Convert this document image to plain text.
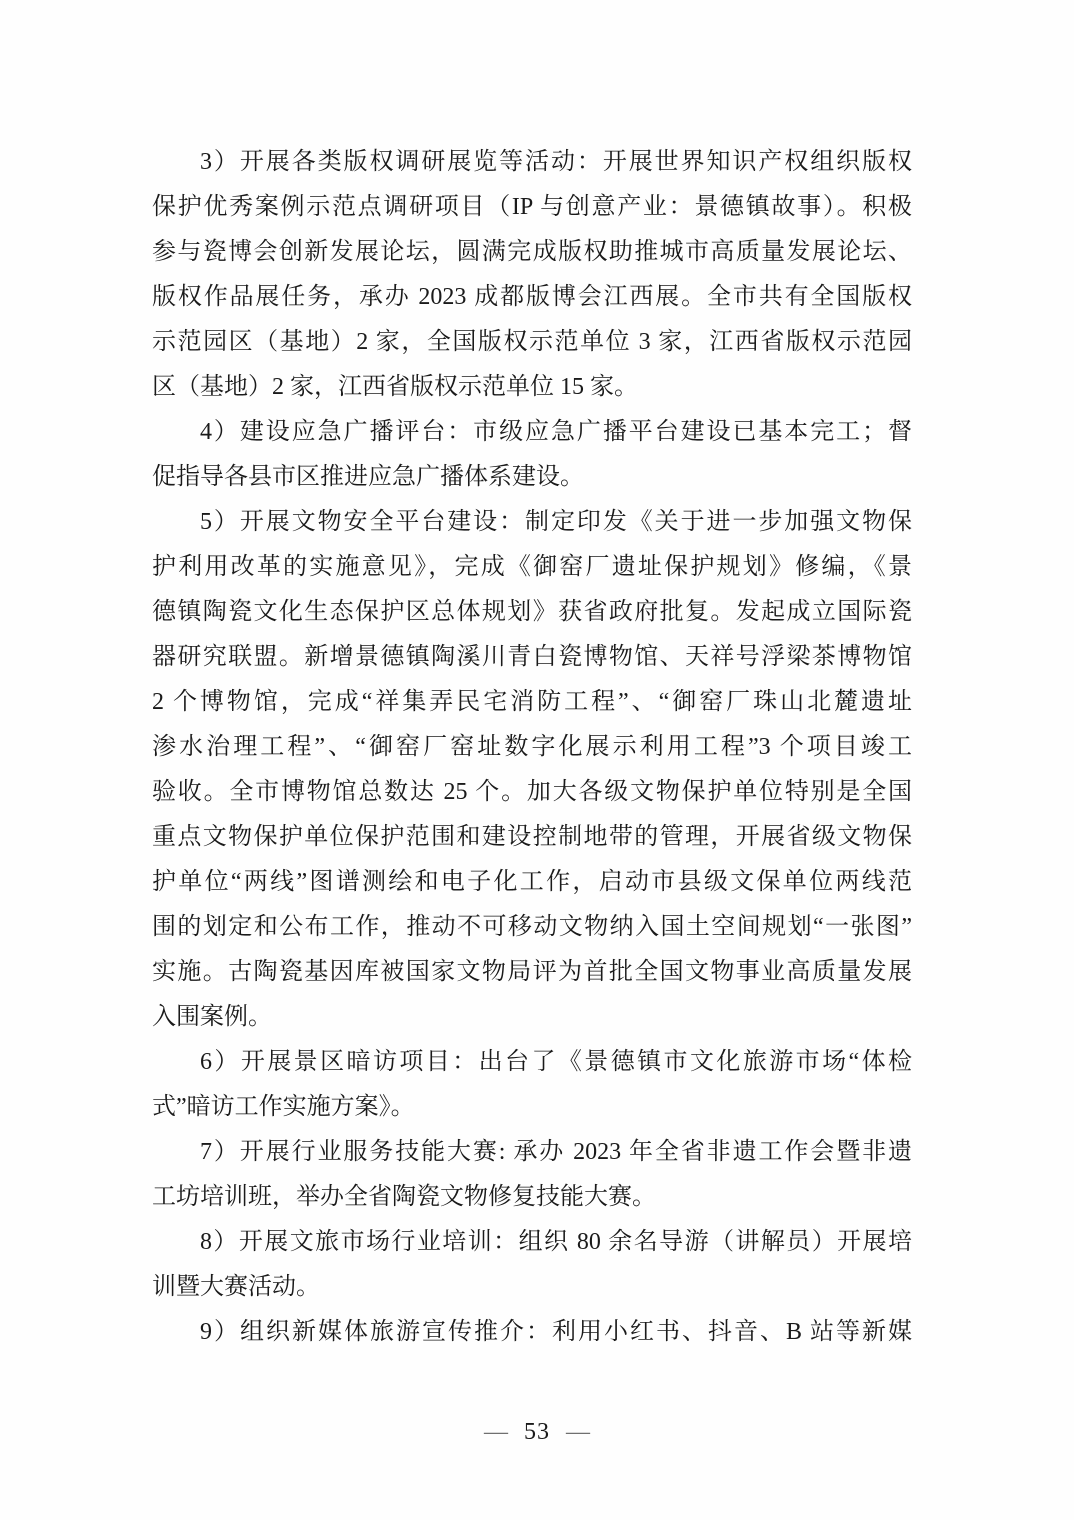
3）开展各类版权调研展览等活动：开展世界知识产权组织版权
保护优秀案例示范点调研项目（IP 与创意产业：景德镇故事）。积极
参与瓷博会创新发展论坛，圆满完成版权助推城市高质量发展论坛、
版权作品展任务，承办 2023 成都版博会江西展。全市共有全国版权
示范园区（基地）2 家，全国版权示范单位 3 家，江西省版权示范园
区（基地）2 家，江西省版权示范单位 15 家。
4）建设应急广播评台：市级应急广播平台建设已基本完工；督
促指导各县市区推进应急广播体系建设。
5）开展文物安全平台建设：制定印发《关于进一步加强文物保
护利用改革的实施意见》，完成《御窑厂遗址保护规划》修编，《景
德镇陶瓷文化生态保护区总体规划》获省政府批复。发起成立国际瓷
器研究联盟。新增景德镇陶溪川青白瓷博物馆、天祥号浮梁茶博物馆
2 个博物馆，完成“祥集弄民宅消防工程”、“御窑厂珠山北麓遗址
渗水治理工程”、“御窑厂窑址数字化展示利用工程”3 个项目竣工
验收。全市博物馆总数达 25 个。加大各级文物保护单位特别是全国
重点文物保护单位保护范围和建设控制地带的管理，开展省级文物保
护单位“两线”图谱测绘和电子化工作，启动市县级文保单位两线范
围的划定和公布工作，推动不可移动文物纳入国土空间规划“一张图”
实施。古陶瓷基因库被国家文物局评为首批全国文物事业高质量发展
入围案例。
6）开展景区暗访项目：出台了《景德镇市文化旅游市场“体检
式”暗访工作实施方案》。
7）开展行业服务技能大赛: 承办 2023 年全省非遗工作会暨非遗
工坊培训班，举办全省陶瓷文物修复技能大赛。
8）开展文旅市场行业培训：组织 80 余名导游（讲解员）开展培
训暨大赛活动。
9）组织新媒体旅游宣传推介：利用小红书、抖音、B 站等新媒
— 53 —
